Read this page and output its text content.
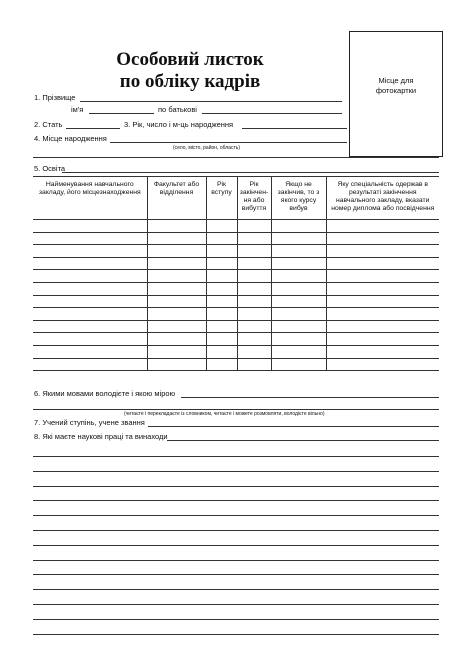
Особовий листок
по обліку кадрів	Місце для
фотокартки
1. Прізвище
ім'я	по батькові
2. Стать	3. Рік, число і м-ць народження
4. Місце народження
(село, місто, район, область)
5. Освіта
Найменування навчального закладу, його місцезнаходження	Факультет або відділення	Рік вступу	Рік закінчен-ня або вибуття	Якщо не закінчив, то з якого курсу вибув	Яку спеціальність одержав в результаті закінчення навчального закладу, вказати номер диплома або посвідчення

6. Якими мовами володієте і якою мірою
(читаєте і перекладаєте із словником, читаєте і можете розмовляти, володієте вільно)
7. Учений ступінь, учене звання
8. Які маєте наукові праці та винаходи
